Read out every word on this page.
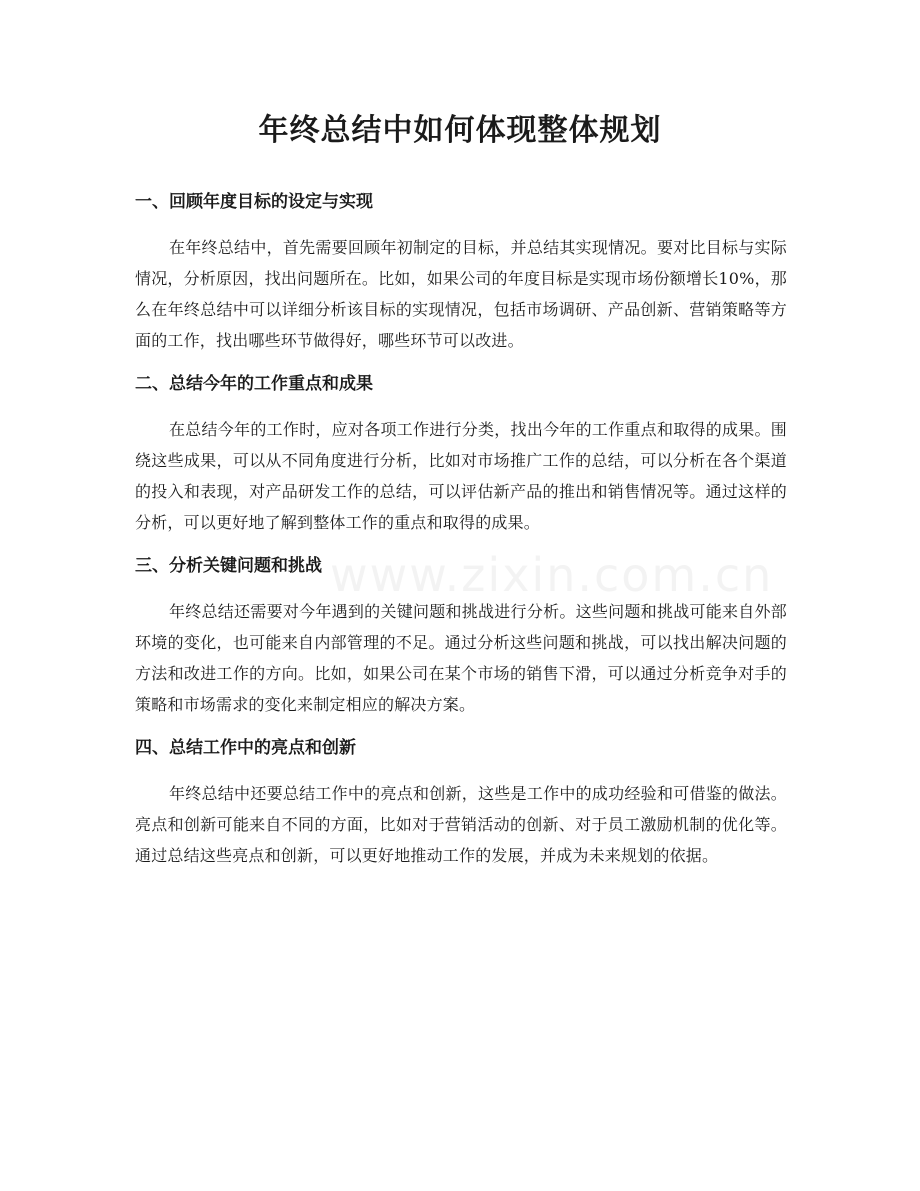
www.zixin.com.cn
年终总结中如何体现整体规划
一、回顾年度目标的设定与实现

在年终总结中，首先需要回顾年初制定的目标，并总结其实现情况。要对比目标与实际情况，分析原因，找出问题所在。比如，如果公司的年度目标是实现市场份额增长10%，那么在年终总结中可以详细分析该目标的实现情况，包括市场调研、产品创新、营销策略等方面的工作，找出哪些环节做得好，哪些环节可以改进。

二、总结今年的工作重点和成果

在总结今年的工作时，应对各项工作进行分类，找出今年的工作重点和取得的成果。围绕这些成果，可以从不同角度进行分析，比如对市场推广工作的总结，可以分析在各个渠道的投入和表现，对产品研发工作的总结，可以评估新产品的推出和销售情况等。通过这样的分析，可以更好地了解到整体工作的重点和取得的成果。

三、分析关键问题和挑战

年终总结还需要对今年遇到的关键问题和挑战进行分析。这些问题和挑战可能来自外部环境的变化，也可能来自内部管理的不足。通过分析这些问题和挑战，可以找出解决问题的方法和改进工作的方向。比如，如果公司在某个市场的销售下滑，可以通过分析竞争对手的策略和市场需求的变化来制定相应的解决方案。

四、总结工作中的亮点和创新

年终总结中还要总结工作中的亮点和创新，这些是工作中的成功经验和可借鉴的做法。亮点和创新可能来自不同的方面，比如对于营销活动的创新、对于员工激励机制的优化等。通过总结这些亮点和创新，可以更好地推动工作的发展，并成为未来规划的依据。
